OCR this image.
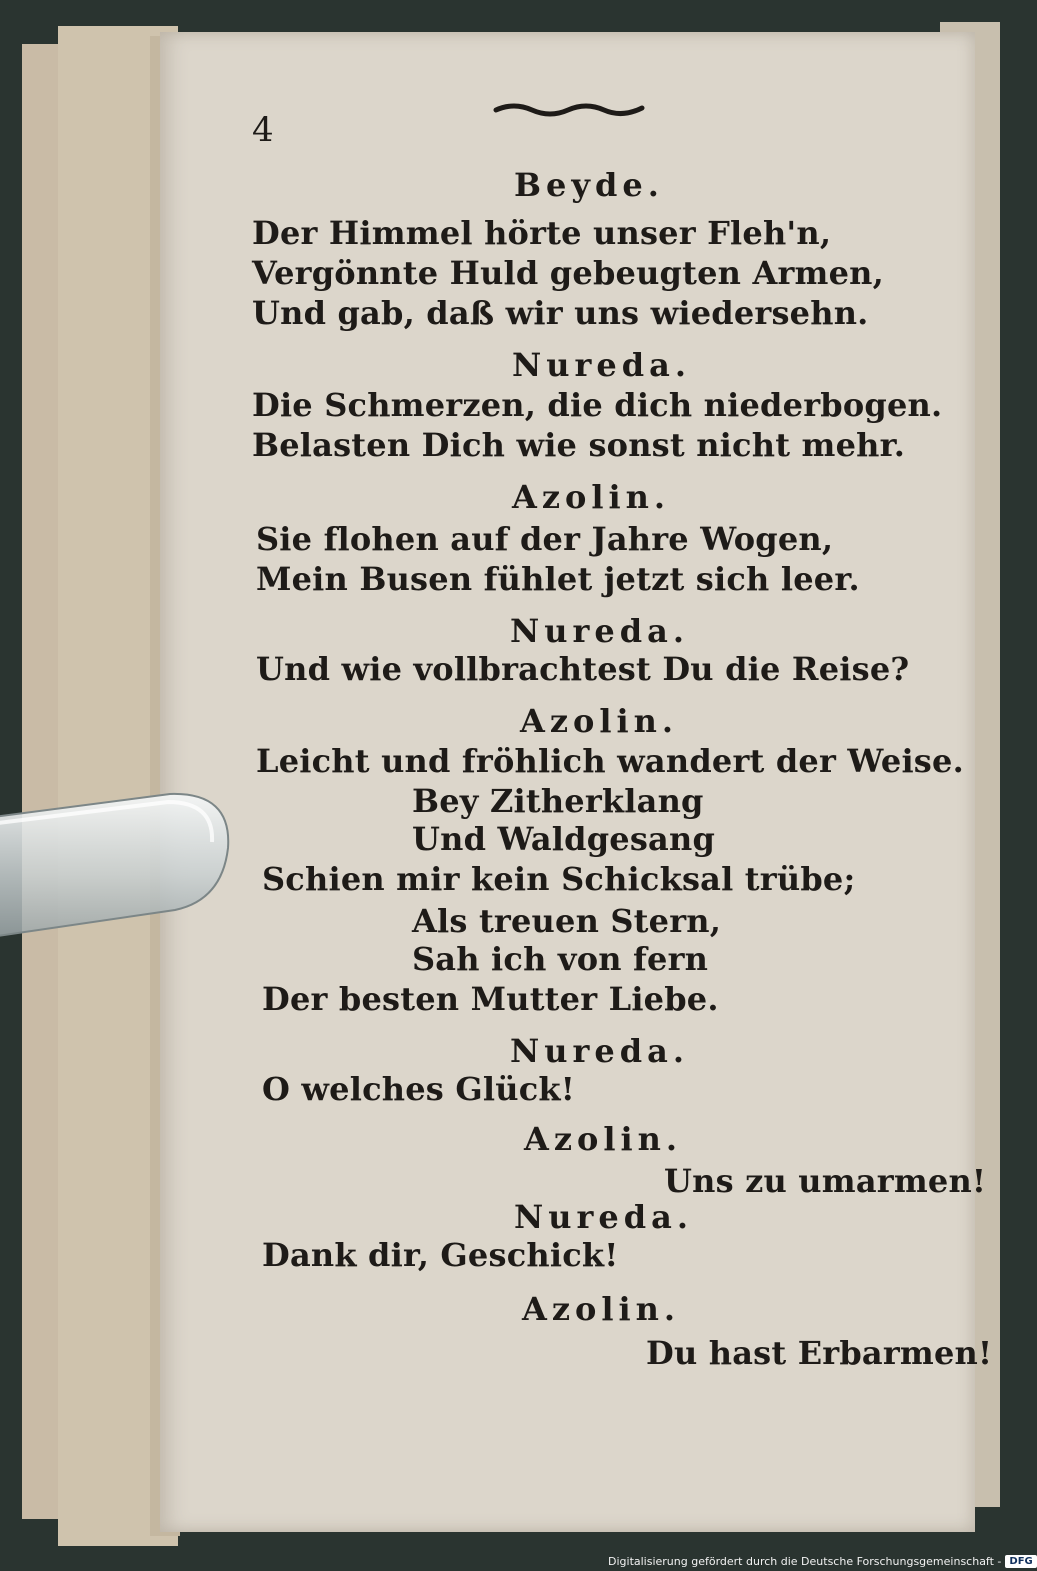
4
Beyde.
Der Himmel hörte unser Fleh'n,
Vergönnte Huld gebeugten Armen,
Und gab, daß wir uns wiedersehn.
Nureda.
Die Schmerzen, die dich niederbogen.
Belasten Dich wie sonst nicht mehr.
Azolin.
Sie flohen auf der Jahre Wogen,
Mein Busen fühlet jetzt sich leer.
Nureda.
Und wie vollbrachtest Du die Reise?
Azolin.
Leicht und fröhlich wandert der Weise.
Bey Zitherklang
Und Waldgesang
Schien mir kein Schicksal trübe;
Als treuen Stern,
Sah ich von fern
Der besten Mutter Liebe.
Nureda.
O welches Glück!
Azolin.
Uns zu umarmen!
Nureda.
Dank dir, Geschick!
Azolin.
Du hast Erbarmen!
Digitalisierung gefördert durch die Deutsche Forschungsgemeinschaft - DFG
